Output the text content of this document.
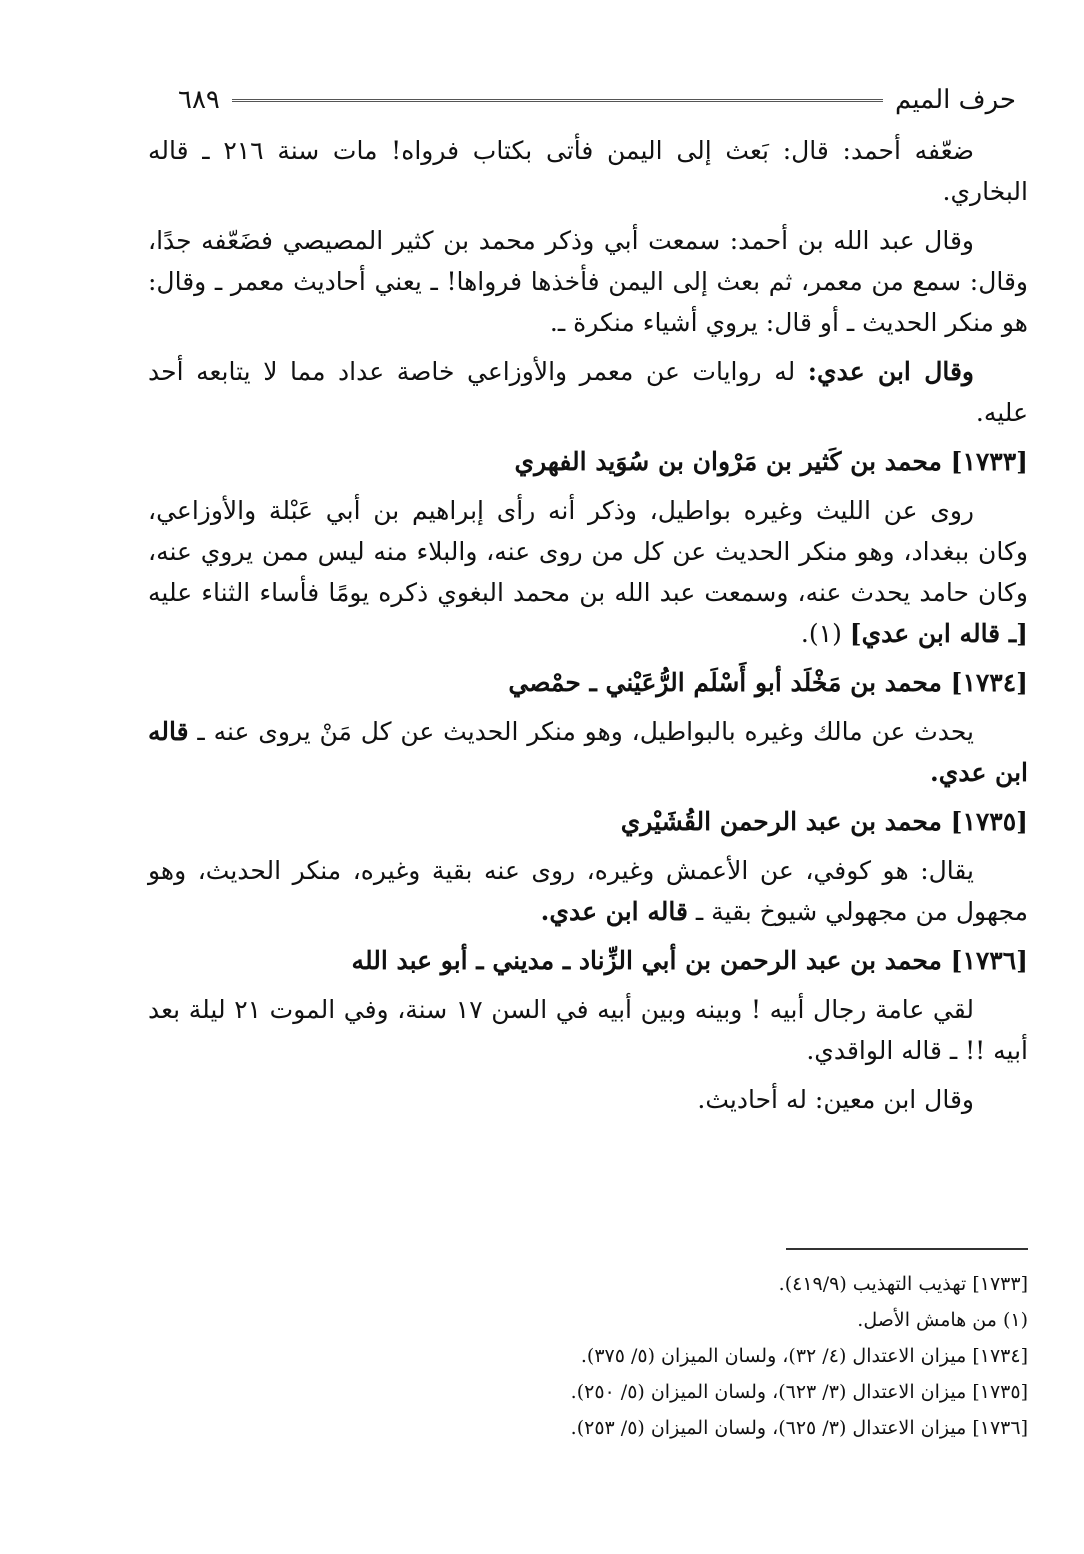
حرف الميم
٦٨٩

ضعّفه أحمد: قال: بَعث إلى اليمن فأتى بكتاب فرواه! مات سنة ٢١٦ ـ قاله البخاري.

وقال عبد الله بن أحمد: سمعت أبي وذكر محمد بن كثير المصيصي فضَعّفه جدًا، وقال: سمع من معمر، ثم بعث إلى اليمن فأخذها فرواها! ـ يعني أحاديث معمر ـ وقال: هو منكر الحديث ـ أو قال: يروي أشياء منكرة ـ.

وقال ابن عدي: له روايات عن معمر والأوزاعي خاصة عداد مما لا يتابعه أحد عليه.

[١٧٣٣] محمد بن كَثير بن مَرْوان بن سُوَيد الفهري

روى عن الليث وغيره بواطيل، وذكر أنه رأى إبراهيم بن أبي عَبْلة والأوزاعي، وكان ببغداد، وهو منكر الحديث عن كل من روى عنه، والبلاء منه ليس ممن يروي عنه، وكان حامد يحدث عنه، وسمعت عبد الله بن محمد البغوي ذكره يومًا فأساء الثناء عليه [ـ قاله ابن عدي] (١).

[١٧٣٤] محمد بن مَخْلَد أبو أَسْلَم الرُّعَيْني ـ حمْصي

يحدث عن مالك وغيره بالبواطيل، وهو منكر الحديث عن كل مَنْ يروى عنه ـ قاله ابن عدي.

[١٧٣٥] محمد بن عبد الرحمن القُشَيْري

يقال: هو كوفي، عن الأعمش وغيره، روى عنه بقية وغيره، منكر الحديث، وهو مجهول من مجهولي شيوخ بقية ـ قاله ابن عدي.

[١٧٣٦] محمد بن عبد الرحمن بن أبي الزِّناد ـ مديني ـ أبو عبد الله

لقي عامة رجال أبيه ! وبينه وبين أبيه في السن ١٧ سنة، وفي الموت ٢١ ليلة بعد أبيه !! ـ قاله الواقدي.

وقال ابن معين: له أحاديث.

[١٧٣٣] تهذيب التهذيب (٤١٩/٩).
(١) من هامش الأصل.
[١٧٣٤] ميزان الاعتدال (٤/ ٣٢)، ولسان الميزان (٥/ ٣٧٥).
[١٧٣٥] ميزان الاعتدال (٣/ ٦٢٣)، ولسان الميزان (٥/ ٢٥٠).
[١٧٣٦] ميزان الاعتدال (٣/ ٦٢٥)، ولسان الميزان (٥/ ٢٥٣).
